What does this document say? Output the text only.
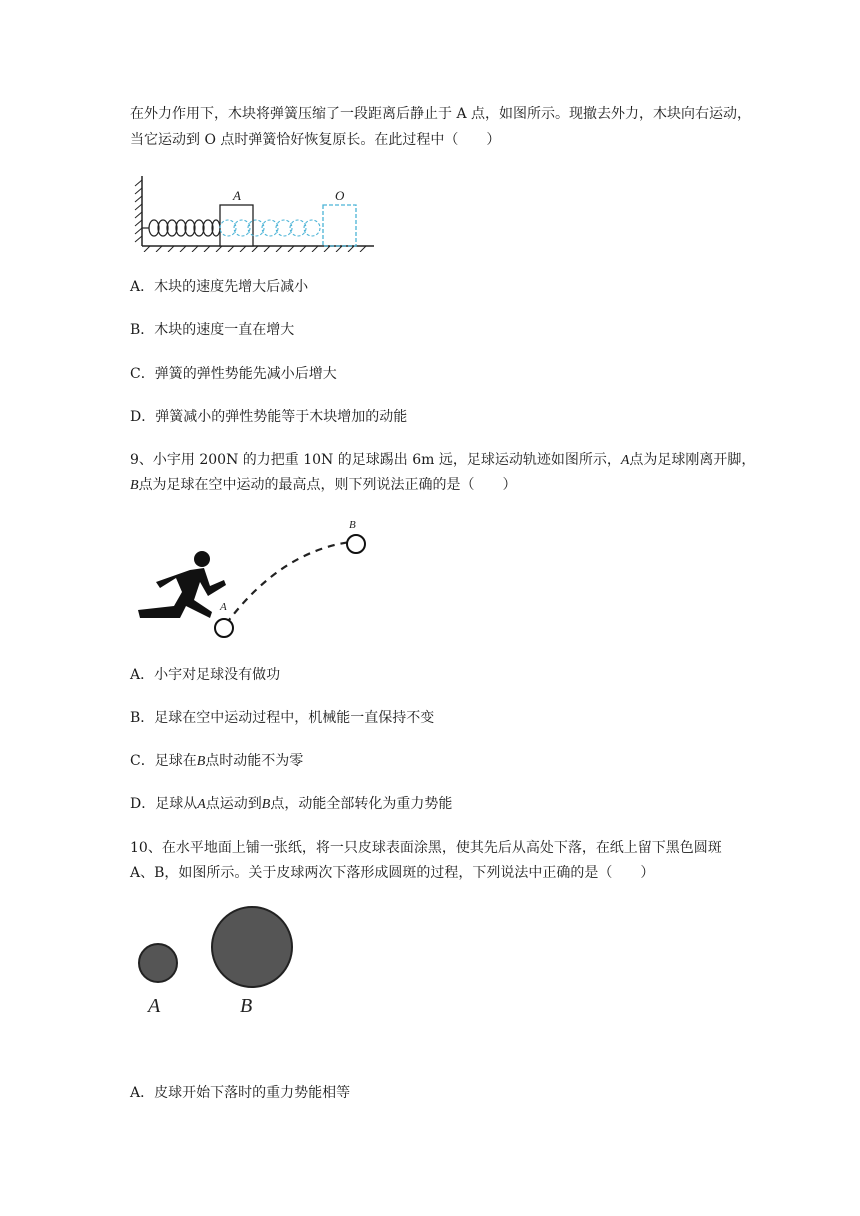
在外力作用下，木块将弹簧压缩了一段距离后静止于 A 点，如图所示。现撤去外力，木块向右运动，
当它运动到 O 点时弹簧恰好恢复原长。在此过程中（　　）
A	O
A．木块的速度先增大后减小
B．木块的速度一直在增大
C．弹簧的弹性势能先减小后增大
D．弹簧减小的弹性势能等于木块增加的动能
9、小宇用 200N 的力把重 10N 的足球踢出 6m 远，足球运动轨迹如图所示，A点为足球刚离开脚，
B点为足球在空中运动的最高点，则下列说法正确的是（　　）
A
B
A．小宇对足球没有做功
B．足球在空中运动过程中，机械能一直保持不变
C．足球在B点时动能不为零
D．足球从A点运动到B点，动能全部转化为重力势能
10、在水平地面上铺一张纸，将一只皮球表面涂黑，使其先后从高处下落，在纸上留下黑色圆斑
A、B，如图所示。关于皮球两次下落形成圆斑的过程，下列说法中正确的是（　　）
A	B
A．皮球开始下落时的重力势能相等
